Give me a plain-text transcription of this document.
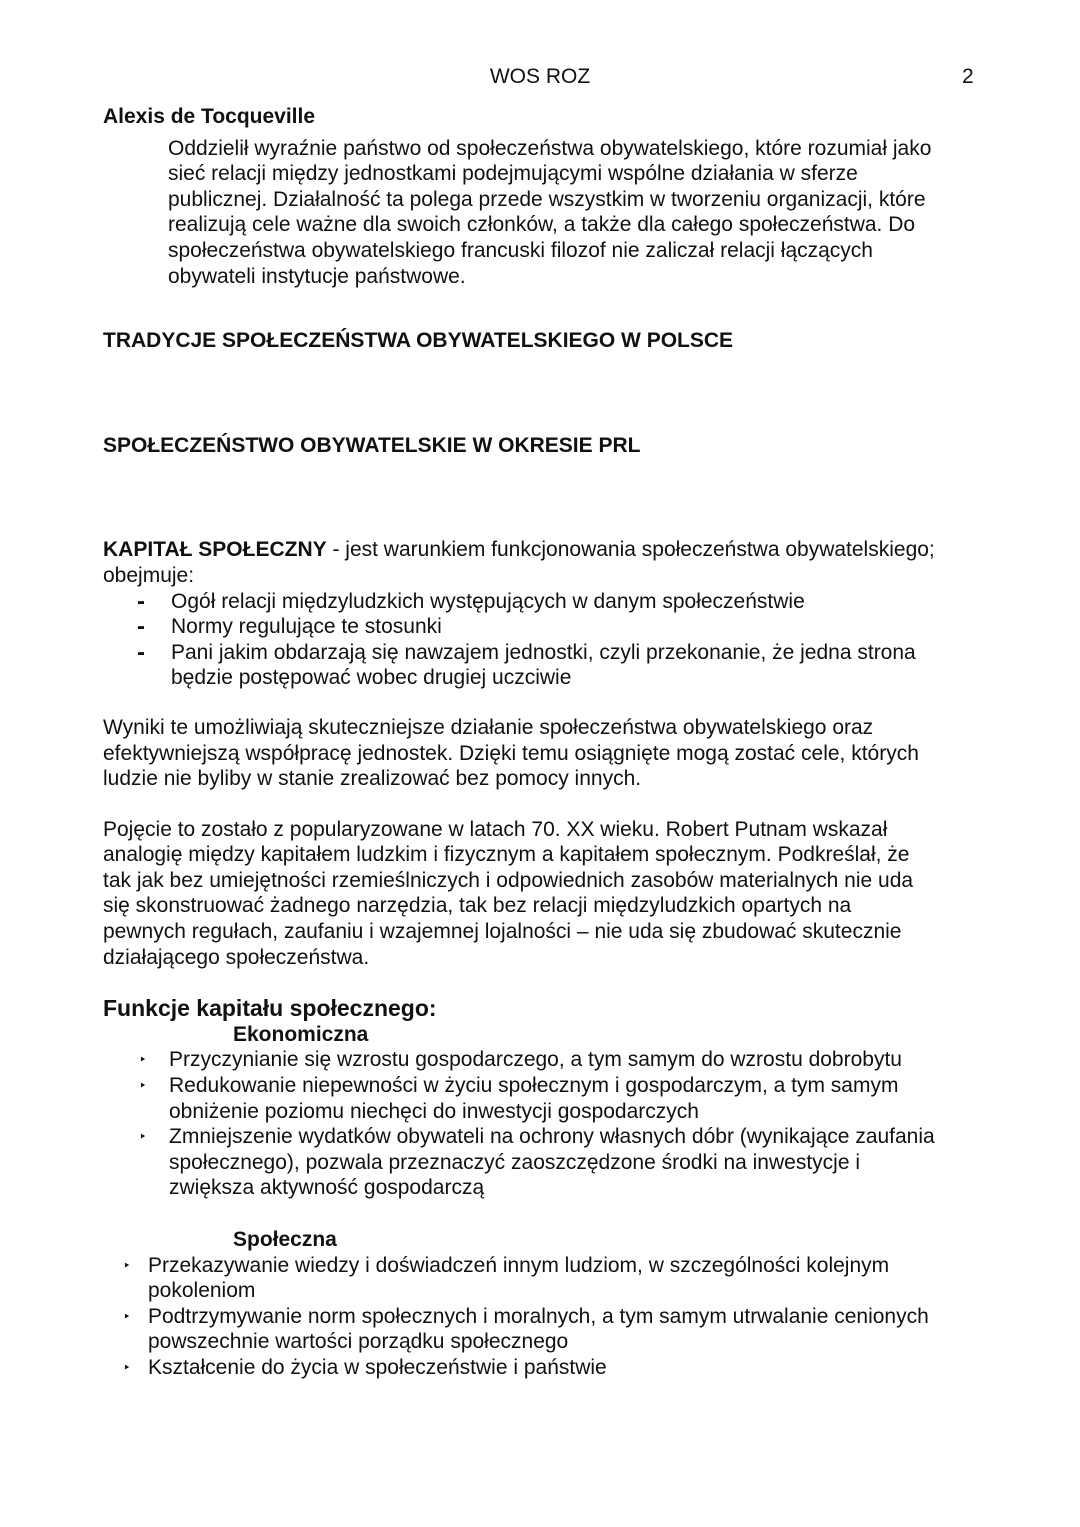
WOS ROZ	2

Alexis de Tocqueville

Oddzielił wyraźnie państwo od społeczeństwa obywatelskiego, które rozumiał jako
sieć relacji między jednostkami podejmującymi wspólne działania w sferze
publicznej. Działalność ta polega przede wszystkim w tworzeniu organizacji, które
realizują cele ważne dla swoich członków, a także dla całego społeczeństwa. Do
społeczeństwa obywatelskiego francuski filozof nie zaliczał relacji łączących
obywateli instytucje państwowe.

TRADYCJE SPOŁECZEŃSTWA OBYWATELSKIEGO W POLSCE

SPOŁECZEŃSTWO OBYWATELSKIE W OKRESIE PRL

KAPITAŁ SPOŁECZNY - jest warunkiem funkcjonowania społeczeństwa obywatelskiego;
obejmuje:
- Ogół relacji międzyludzkich występujących w danym społeczeństwie
- Normy regulujące te stosunki
- Pani jakim obdarzają się nawzajem jednostki, czyli przekonanie, że jedna strona
będzie postępować wobec drugiej uczciwie
Wyniki te umożliwiają skuteczniejsze działanie społeczeństwa obywatelskiego oraz
efektywniejszą współpracę jednostek. Dzięki temu osiągnięte mogą zostać cele, których
ludzie nie byliby w stanie zrealizować bez pomocy innych.
Pojęcie to zostało z popularyzowane w latach 70. XX wieku. Robert Putnam wskazał
analogię między kapitałem ludzkim i fizycznym a kapitałem społecznym. Podkreślał, że
tak jak bez umiejętności rzemieślniczych i odpowiednich zasobów materialnych nie uda
się skonstruować żadnego narzędzia, tak bez relacji międzyludzkich opartych na
pewnych regułach, zaufaniu i wzajemnej lojalności – nie uda się zbudować skutecznie
działającego społeczeństwa.

Funkcje kapitału społecznego:

Ekonomiczna

‣ Przyczynianie się wzrostu gospodarczego, a tym samym do wzrostu dobrobytu
‣ Redukowanie niepewności w życiu społecznym i gospodarczym, a tym samym
obniżenie poziomu niechęci do inwestycji gospodarczych
‣ Zmniejszenie wydatków obywateli na ochrony własnych dóbr (wynikające zaufania
społecznego), pozwala przeznaczyć zaoszczędzone środki na inwestycje i
zwiększa aktywność gospodarczą

Społeczna

‣ Przekazywanie wiedzy i doświadczeń innym ludziom, w szczególności kolejnym
pokoleniom
‣ Podtrzymywanie norm społecznych i moralnych, a tym samym utrwalanie cenionych
powszechnie wartości porządku społecznego
‣ Kształcenie do życia w społeczeństwie i państwie
